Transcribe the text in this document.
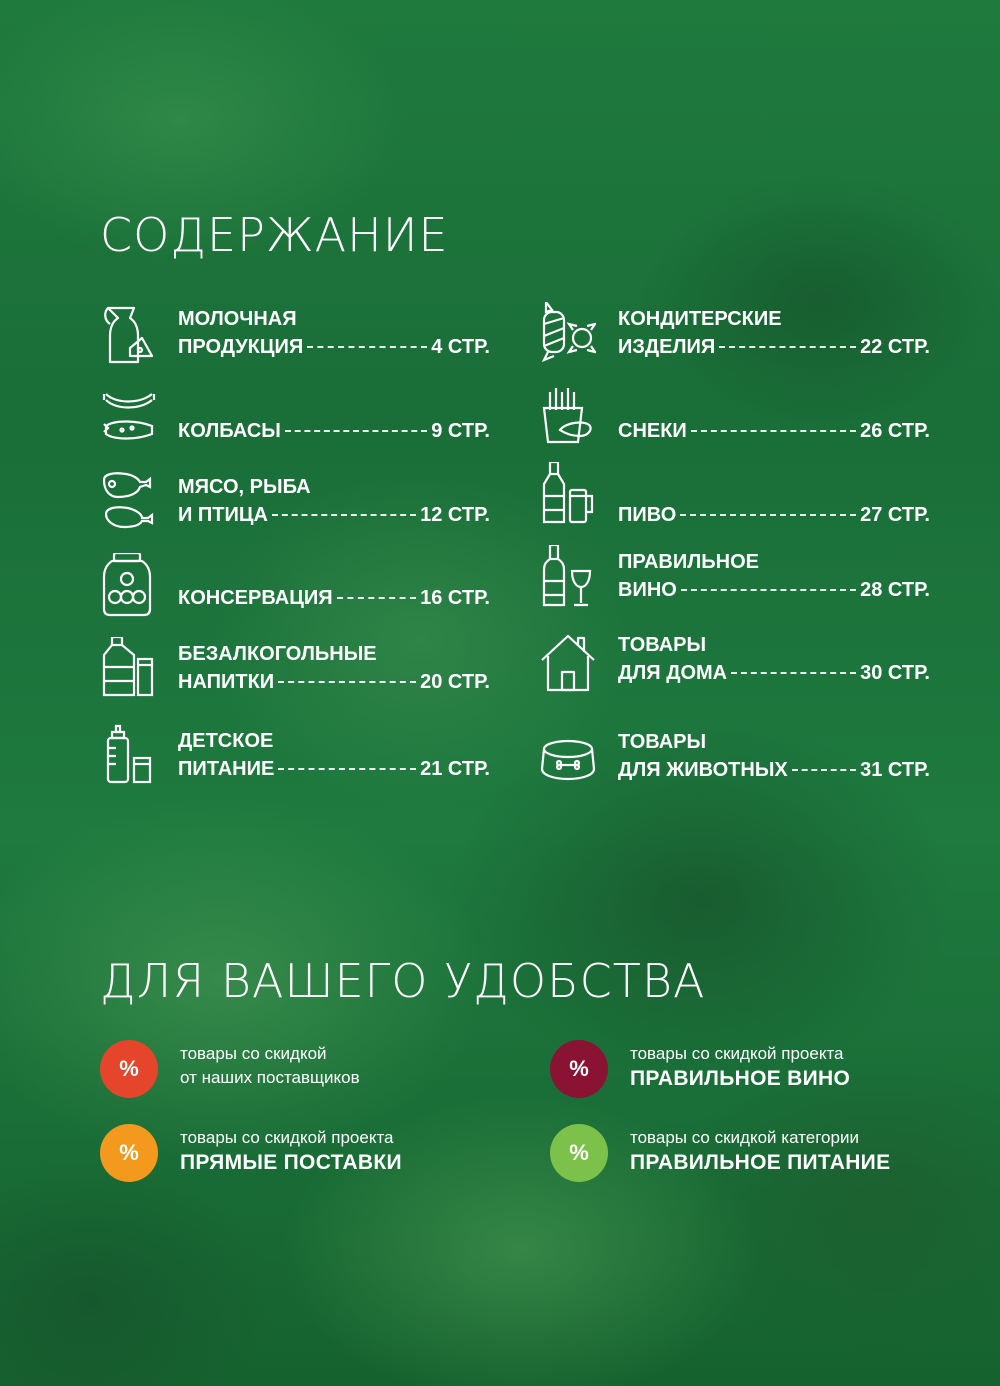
СОДЕРЖАНИЕ
МОЛОЧНАЯ
ПРОДУКЦИЯ	4 СТР.
КОЛБАСЫ	9 СТР.
МЯСО, РЫБА
И ПТИЦА	12 СТР.
КОНСЕРВАЦИЯ	16 СТР.
БЕЗАЛКОГОЛЬНЫЕ
НАПИТКИ	20 СТР.
ДЕТСКОЕ
ПИТАНИЕ	21 СТР.
КОНДИТЕРСКИЕ
ИЗДЕЛИЯ	22 СТР.
СНЕКИ	26 СТР.
ПИВО	27 СТР.
ПРАВИЛЬНОЕ
ВИНО	28 СТР.
ТОВАРЫ
ДЛЯ ДОМА	30 СТР.
ТОВАРЫ
ДЛЯ ЖИВОТНЫХ	31 СТР.
ДЛЯ ВАШЕГО УДОБСТВА
%
товары со скидкой
от наших поставщиков	%
товары со скидкой проекта
ПРАВИЛЬНОЕ ВИНО
%
товары со скидкой проекта
ПРЯМЫЕ ПОСТАВКИ	%
товары со скидкой категории
ПРАВИЛЬНОЕ ПИТАНИЕ
